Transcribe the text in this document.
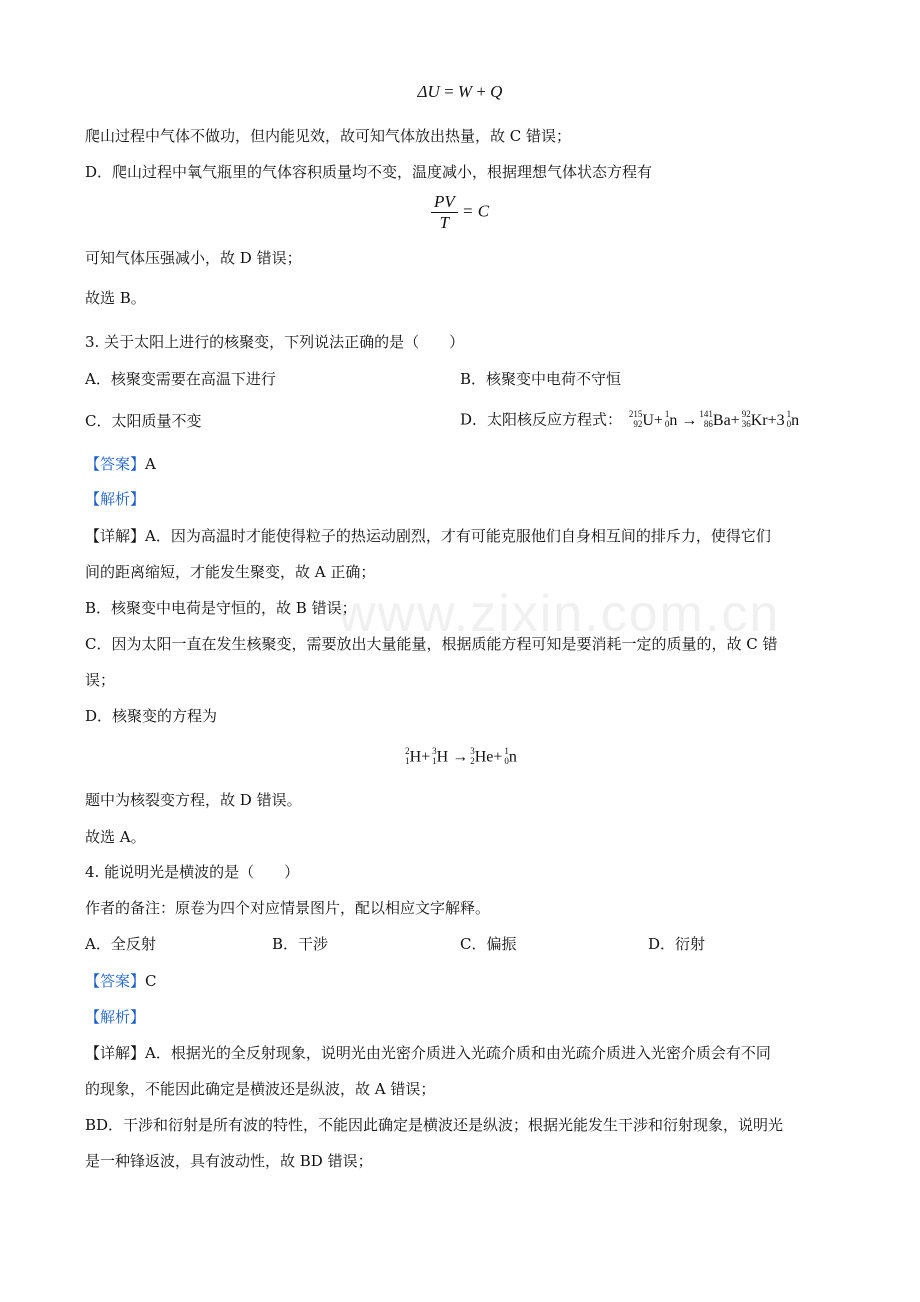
www.zixin.com.cn
ΔU = W + Q
爬山过程中气体不做功，但内能见效，故可知气体放出热量，故 C 错误；
D．爬山过程中氧气瓶里的气体容积质量均不变，温度减小，根据理想气体状态方程有
$\frac{PV}{T} = C$
可知气体压强减小，故 D 错误；
故选 B。
3. 关于太阳上进行的核聚变，下列说法正确的是（　　）
A．核聚变需要在高温下进行	B．核聚变中电荷不守恒
C．太阳质量不变	D．太阳核反应方程式： 215
92 U+ 1
0 n → 141
86 Ba+ 92
36 Kr+3 1
0 n
【答案】A
【解析】
【详解】A．因为高温时才能使得粒子的热运动剧烈，才有可能克服他们自身相互间的排斥力，使得它们
间的距离缩短，才能发生聚变，故 A 正确；
B．核聚变中电荷是守恒的，故 B 错误；
C．因为太阳一直在发生核聚变，需要放出大量能量，根据质能方程可知是要消耗一定的质量的，故 C 错
误；
D．核聚变的方程为
2
1 H+ 3
1 H → 3
2 He+ 1
0 n
题中为核裂变方程，故 D 错误。
故选 A。
4. 能说明光是横波的是（　　）
作者的备注：原卷为四个对应情景图片，配以相应文字解释。
A．全反射	B．干涉	C．偏振	D．衍射
【答案】C
【解析】
【详解】A．根据光的全反射现象，说明光由光密介质进入光疏介质和由光疏介质进入光密介质会有不同
的现象，不能因此确定是横波还是纵波，故 A 错误；
BD．干涉和衍射是所有波的特性，不能因此确定是横波还是纵波；根据光能发生干涉和衍射现象，说明光
是一种锋返波，具有波动性，故 BD 错误；
